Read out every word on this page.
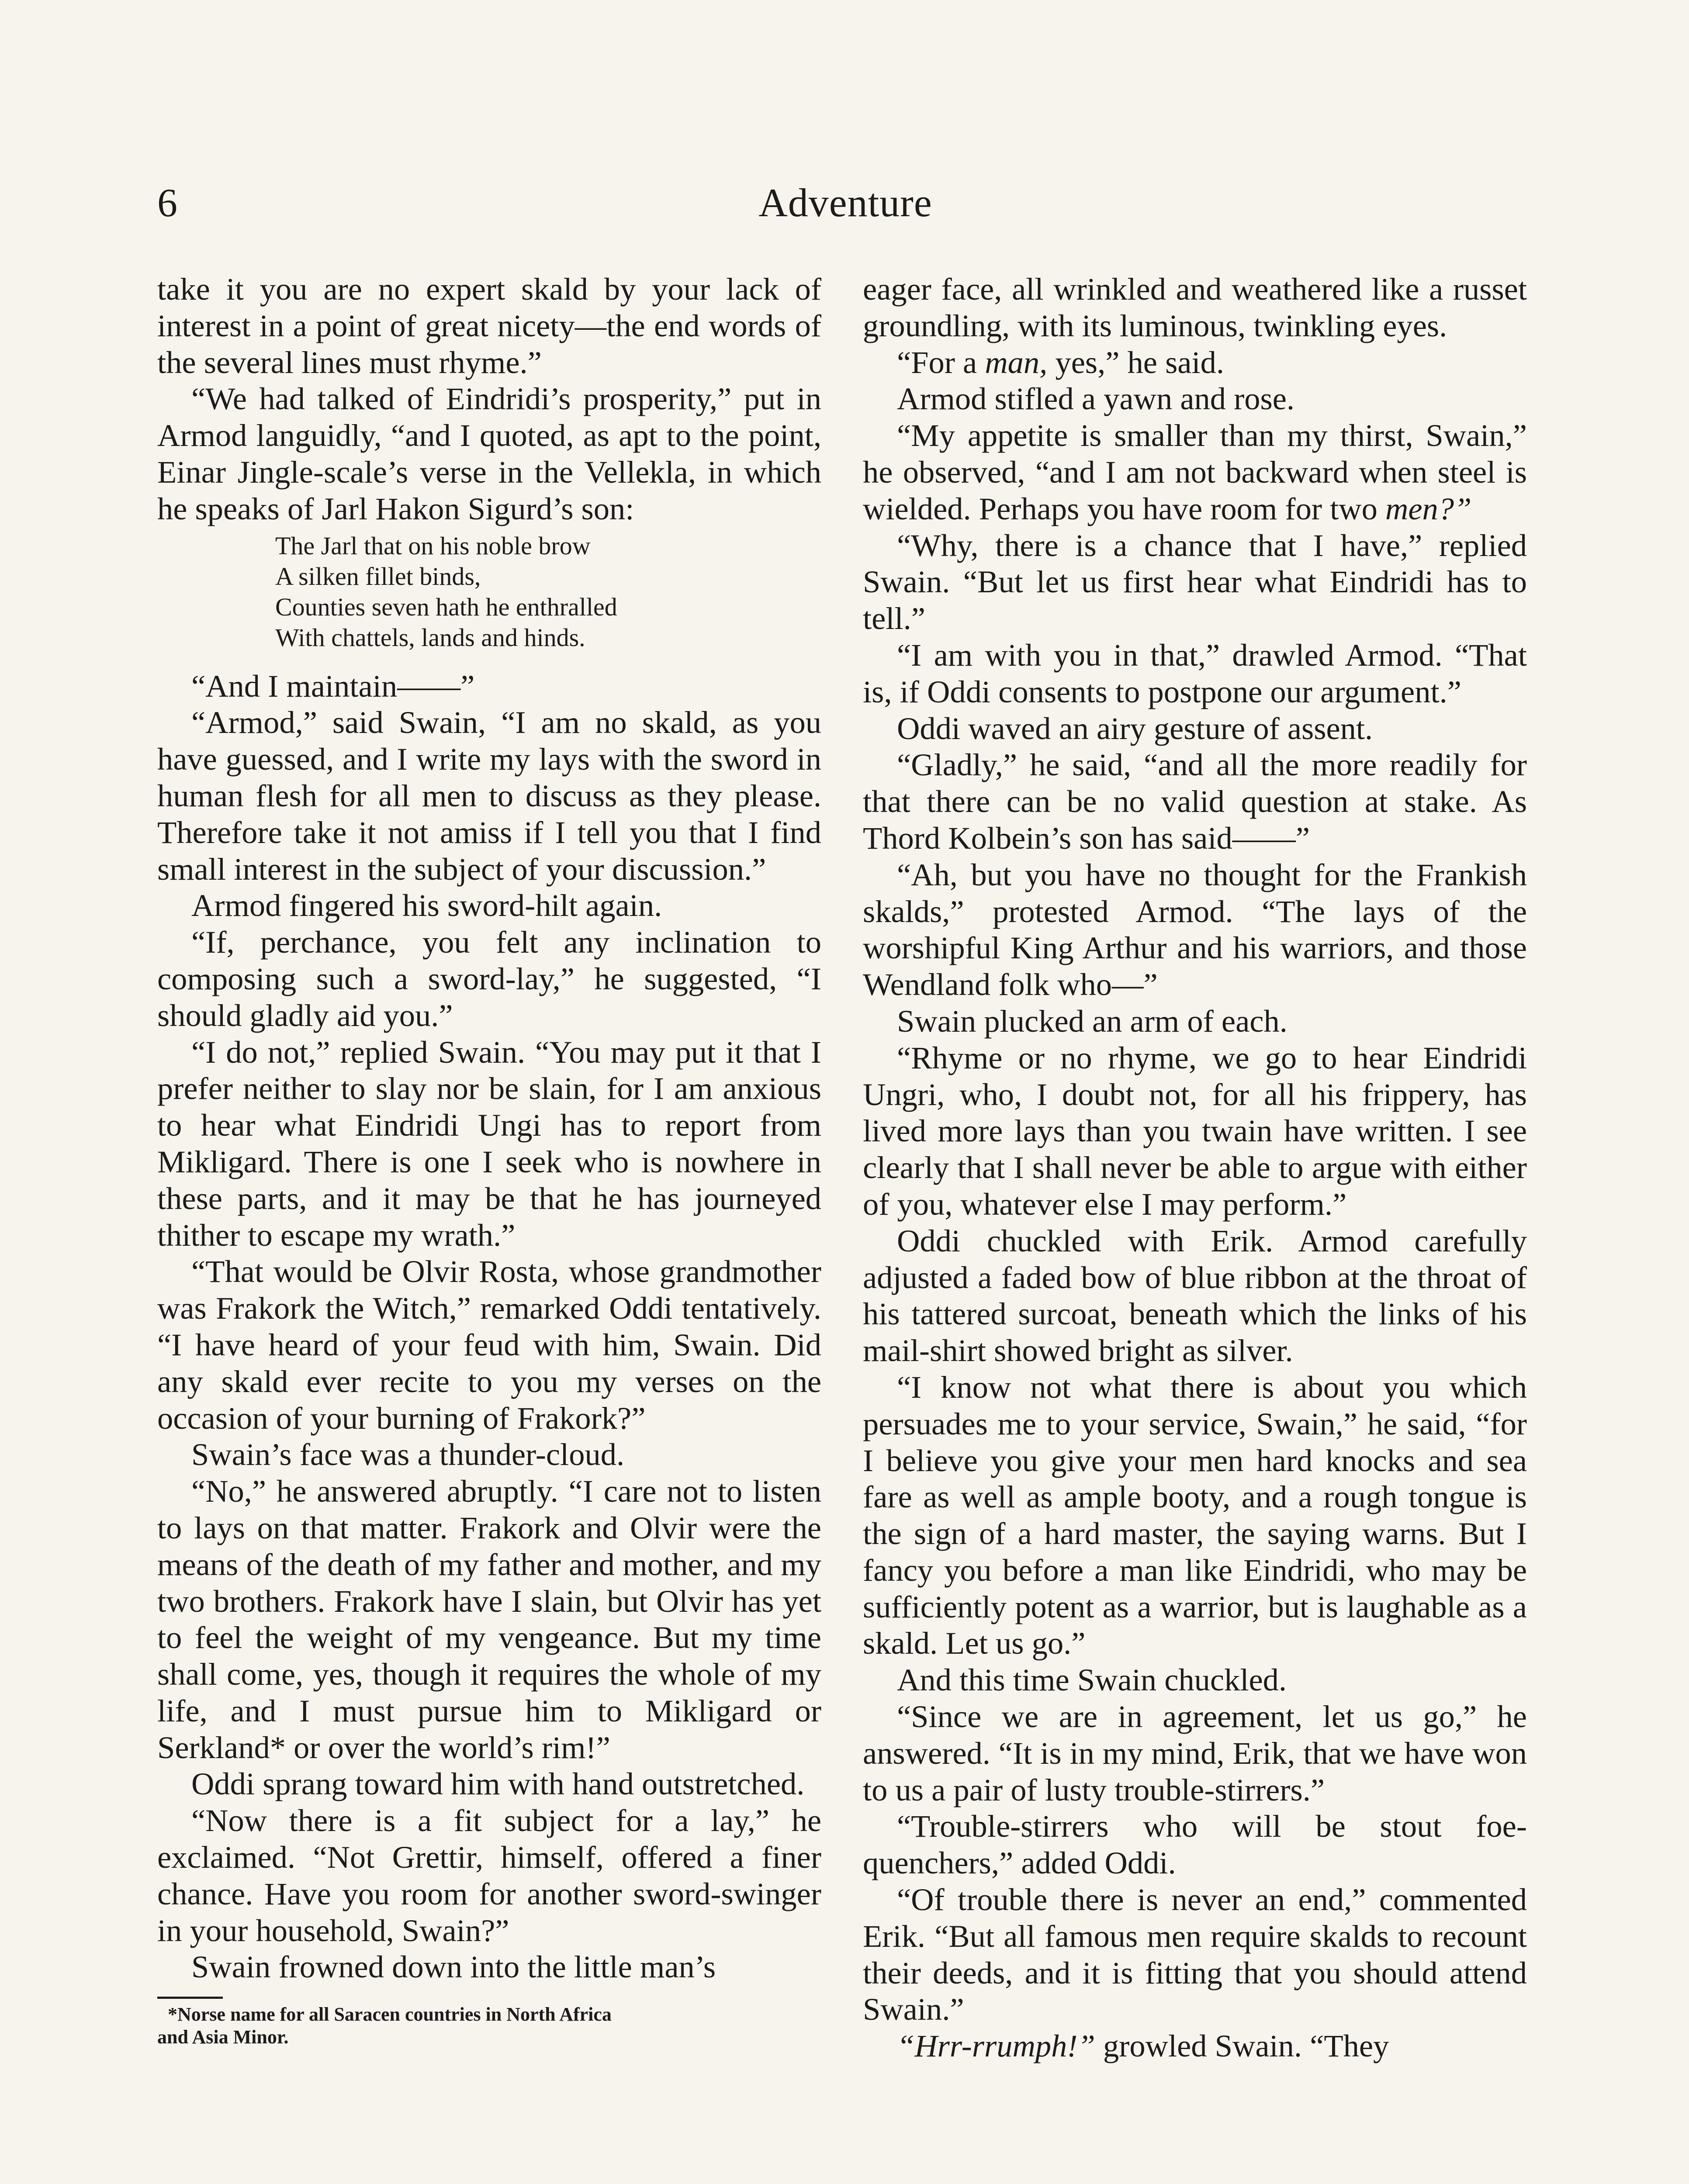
6	Adventure

take it you are no expert skald by your lack of interest in a point of great nicety—the end words of the several lines must rhyme.”

“We had talked of Eindridi’s prosperity,” put in Armod languidly, “and I quoted, as apt to the point, Einar Jingle-scale’s verse in the Vellekla, in which he speaks of Jarl Hakon Sigurd’s son:

The Jarl that on his noble brow
A silken fillet binds,
Counties seven hath he enthralled
With chattels, lands and hinds.

“And I maintain——”

“Armod,” said Swain, “I am no skald, as you have guessed, and I write my lays with the sword in human flesh for all men to discuss as they please. Therefore take it not amiss if I tell you that I find small interest in the subject of your discussion.”

Armod fingered his sword-hilt again.

“If, perchance, you felt any inclination to composing such a sword-lay,” he suggested, “I should gladly aid you.”

“I do not,” replied Swain. “You may put it that I prefer neither to slay nor be slain, for I am anxious to hear what Eindridi Ungi has to report from Mikligard. There is one I seek who is nowhere in these parts, and it may be that he has journeyed thither to escape my wrath.”

“That would be Olvir Rosta, whose grandmother was Frakork the Witch,” remarked Oddi tentatively. “I have heard of your feud with him, Swain. Did any skald ever recite to you my verses on the occasion of your burning of Frakork?”

Swain’s face was a thunder-cloud.

“No,” he answered abruptly. “I care not to listen to lays on that matter. Frakork and Olvir were the means of the death of my father and mother, and my two brothers. Frakork have I slain, but Olvir has yet to feel the weight of my vengeance. But my time shall come, yes, though it requires the whole of my life, and I must pursue him to Mikligard or Serkland* or over the world’s rim!”

Oddi sprang toward him with hand outstretched.

“Now there is a fit subject for a lay,” he exclaimed. “Not Grettir, himself, offered a finer chance. Have you room for another sword-swinger in your household, Swain?”

Swain frowned down into the little man’s

*Norse name for all Saracen countries in North Africa
and Asia Minor.

eager face, all wrinkled and weathered like a russet groundling, with its luminous, twinkling eyes.

“For a man, yes,” he said.

Armod stifled a yawn and rose.

“My appetite is smaller than my thirst, Swain,” he observed, “and I am not backward when steel is wielded. Perhaps you have room for two men?”

“Why, there is a chance that I have,” replied Swain. “But let us first hear what Eindridi has to tell.”

“I am with you in that,” drawled Armod. “That is, if Oddi consents to postpone our argument.”

Oddi waved an airy gesture of assent.

“Gladly,” he said, “and all the more readily for that there can be no valid question at stake. As Thord Kolbein’s son has said——”

“Ah, but you have no thought for the Frankish skalds,” protested Armod. “The lays of the worshipful King Arthur and his warriors, and those Wendland folk who—”

Swain plucked an arm of each.

“Rhyme or no rhyme, we go to hear Eindridi Ungri, who, I doubt not, for all his frippery, has lived more lays than you twain have written. I see clearly that I shall never be able to argue with either of you, whatever else I may perform.”

Oddi chuckled with Erik. Armod carefully adjusted a faded bow of blue ribbon at the throat of his tattered surcoat, beneath which the links of his mail-shirt showed bright as silver.

“I know not what there is about you which persuades me to your service, Swain,” he said, “for I believe you give your men hard knocks and sea fare as well as ample booty, and a rough tongue is the sign of a hard master, the saying warns. But I fancy you before a man like Eindridi, who may be sufficiently potent as a warrior, but is laughable as a skald. Let us go.”

And this time Swain chuckled.

“Since we are in agreement, let us go,” he answered. “It is in my mind, Erik, that we have won to us a pair of lusty trouble-stirrers.”

“Trouble-stirrers who will be stout foe-quenchers,” added Oddi.

“Of trouble there is never an end,” commented Erik. “But all famous men require skalds to recount their deeds, and it is fitting that you should attend Swain.”

“Hrr-rrumph!” growled Swain. “They
